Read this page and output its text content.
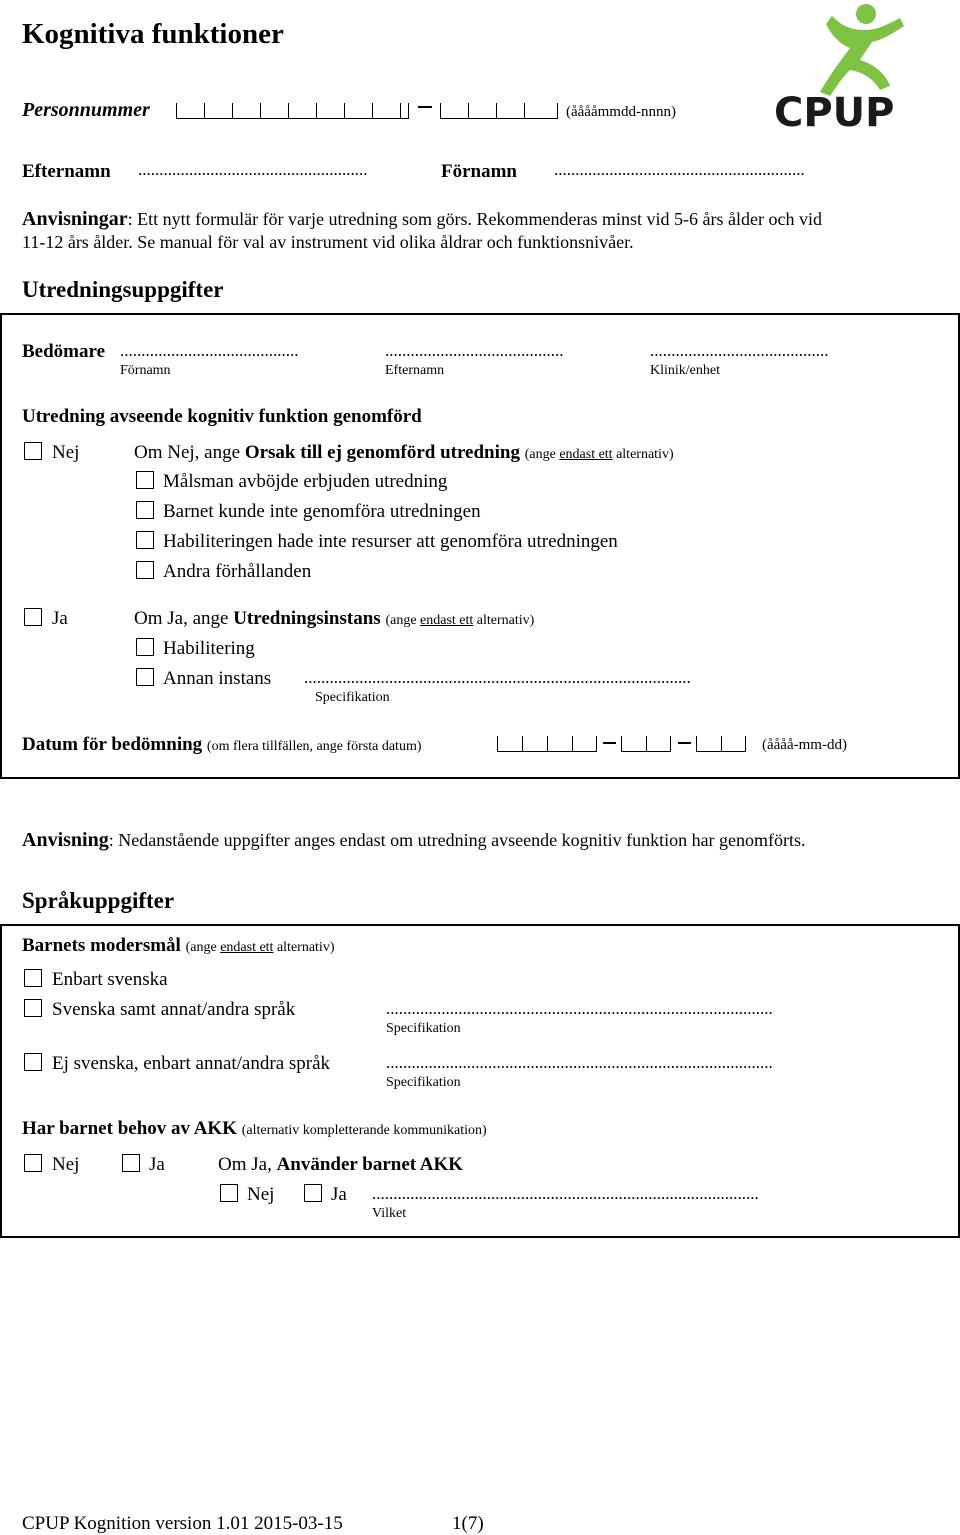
Kognitiva funktioner
CPUP
Personnummer	(ååååmmdd-nnnn)
Efternamn ......................................................	Förnamn ...........................................................
Anvisningar: Ett nytt formulär för varje utredning som görs. Rekommenderas minst vid 5-6 års ålder och vid
11-12 års ålder. Se manual för val av instrument vid olika åldrar och funktionsnivåer.
Utredningsuppgifter
Bedömare ..........................................	..........................................	..........................................
Förnamn	Efternamn	Klinik/enhet
Utredning avseende kognitiv funktion genomförd
Nej	Om Nej, ange Orsak till ej genomförd utredning (ange endast ett alternativ)
Målsman avböjde erbjuden utredning
Barnet kunde inte genomföra utredningen
Habiliteringen hade inte resurser att genomföra utredningen
Andra förhållanden
Ja	Om Ja, ange Utredningsinstans (ange endast ett alternativ)
Habilitering
Annan instans ...........................................................................................
Specifikation
Datum för bedömning (om flera tillfällen, ange första datum)	(åååå-mm-dd)
Anvisning: Nedanstående uppgifter anges endast om utredning avseende kognitiv funktion har genomförts.
Språkuppgifter
Barnets modersmål (ange endast ett alternativ)
Enbart svenska
Svenska samt annat/andra språk	...........................................................................................
Specifikation
Ej svenska, enbart annat/andra språk	...........................................................................................
Specifikation
Har barnet behov av AKK (alternativ kompletterande kommunikation)
Nej	Ja	Om Ja, Använder barnet AKK
Nej	Ja ...........................................................................................
Vilket
CPUP Kognition version 1.01 2015-03-15	1(7)
